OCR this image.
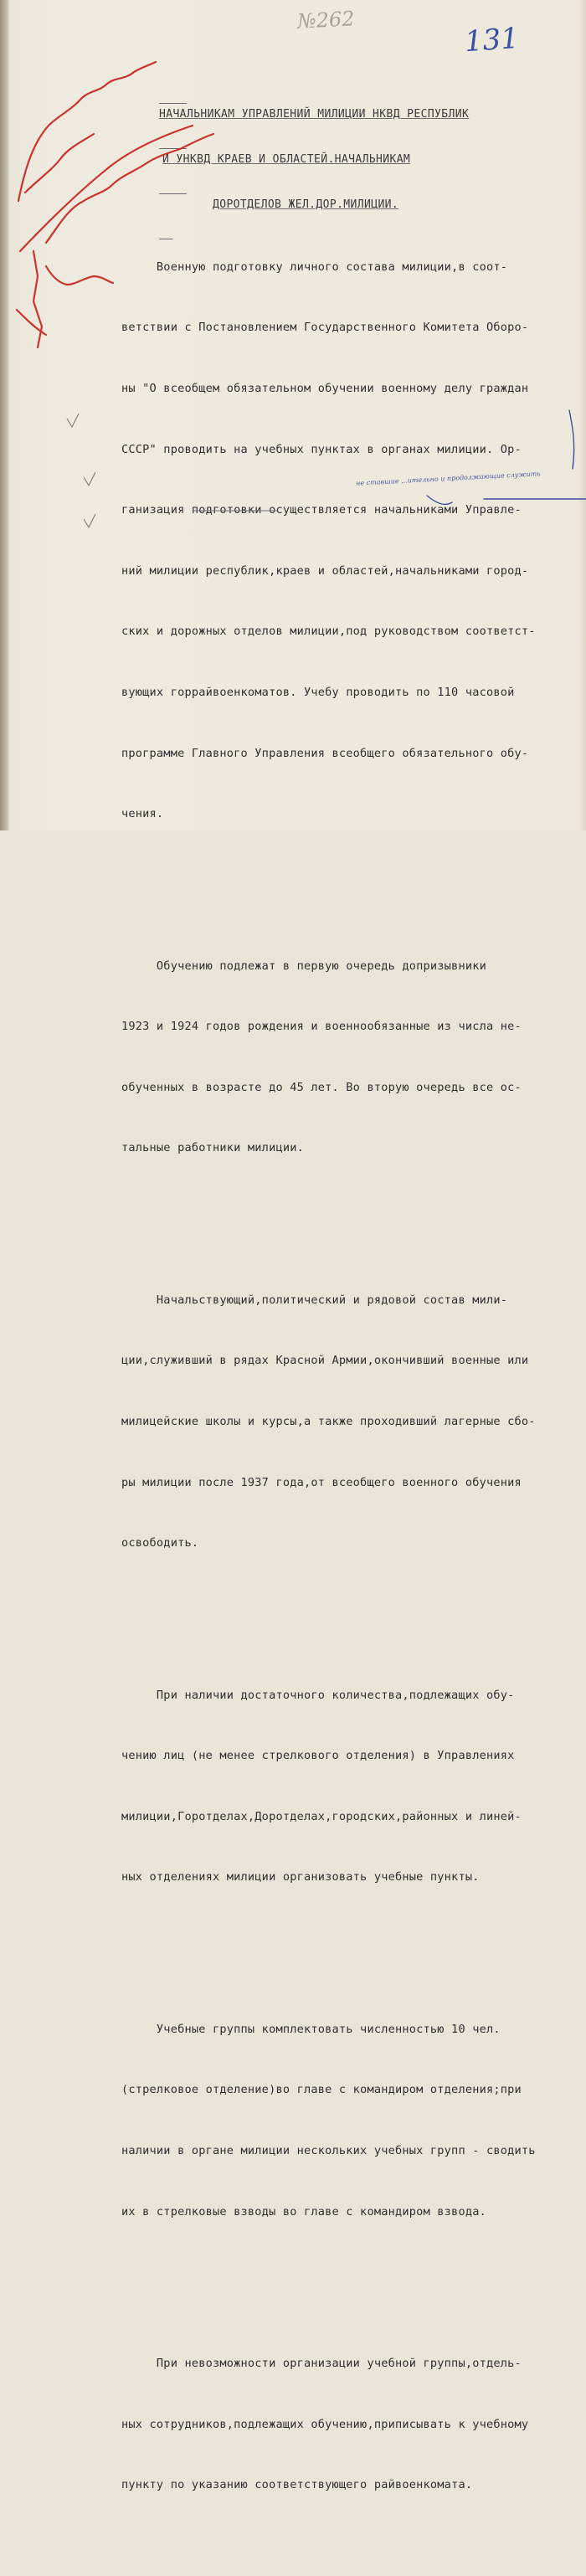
№262
131

НАЧАЛЬНИКАМ УПРАВЛЕНИЙ МИЛИЦИИ НКВД РЕСПУБЛИК

И УНКВД КРАЕВ И ОБЛАСТЕЙ.НАЧАЛЬНИКАМ

ДОРОТДЕЛОВ ЖЕЛ.ДОР.МИЛИЦИИ.

Военную подготовку личного состава милиции,в соот-

ветствии с Постановлением Государственного Комитета Оборо-

ны "О всеобщем обязательном обучении военному делу граждан

СССР" проводить на учебных пунктах в органах милиции. Ор-

ганизация подготовки осуществляется начальниками Управле-

ний милиции республик,краев и областей,начальниками город-

ских и дорожных отделов милиции,под руководством соответст-

вующих горрайвоенкоматов. Учебу проводить по 110 часовой

программе Главного Управления всеобщего обязательного обу-

чения.

Обучению подлежат в первую очередь допризывники

1923 и 1924 годов рождения и военнообязанные из числа не-

обученных в возрасте до 45 лет. Во вторую очередь все ос-

тальные работники милиции.

Начальствующий,политический и рядовой состав мили-

ции,служивший в рядах Красной Армии,окончивший военные или

милицейские школы и курсы,а также проходивший лагерные сбо-

ры милиции после 1937 года,от всеобщего военного обучения

освободить.

При наличии достаточного количества,подлежащих обу-

чению лиц (не менее стрелкового отделения) в Управлениях

милиции,Горотделах,Доротделах,городских,районных и линей-

ных отделениях милиции организовать учебные пункты.

Учебные группы комплектовать численностью 10 чел.

(стрелковое отделение)во главе с командиром отделения;при

наличии в органе милиции нескольких учебных групп - сводить

их в стрелковые взводы во главе с командиром взвода.

При невозможности организации учебной группы,отдель-

ных сотрудников,подлежащих обучению,приписывать к учебному

пункту по указанию соответствующего райвоенкомата.

не ставшие ...ительно и продолжающие служить
